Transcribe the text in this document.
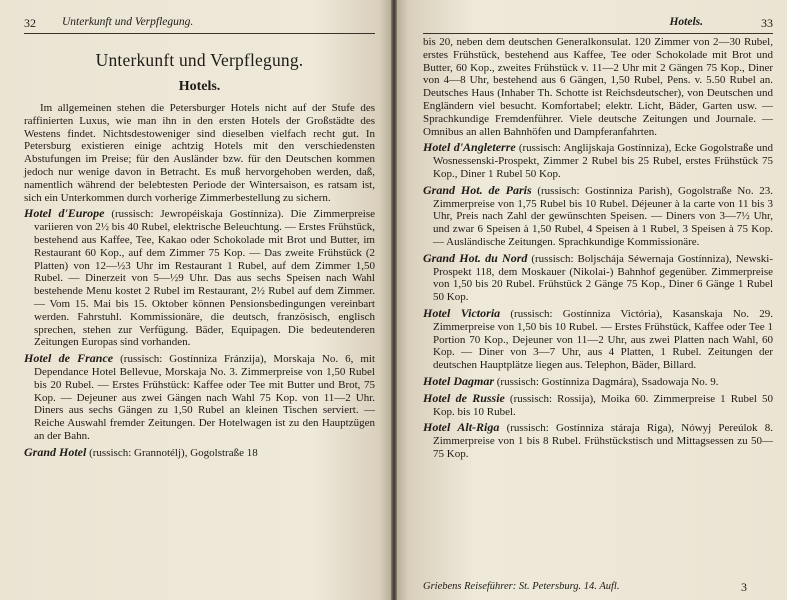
32 Unterkunft und Verpflegung.
Unterkunft und Verpflegung.
Hotels.

Im allgemeinen stehen die Petersburger Hotels nicht auf der Stufe des raffinierten Luxus, wie man ihn in den ersten Hotels der Großstädte des Westens findet. Nichtsdestoweniger sind dieselben vielfach recht gut. In Petersburg existieren einige achtzig Hotels mit den verschiedensten Abstufungen im Preise; für den Ausländer bzw. für den Deutschen kommen jedoch nur wenige davon in Betracht. Es muß hervorgehoben werden, daß, namentlich während der belebtesten Periode der Wintersaison, es ratsam ist, sich ein Unterkommen durch vorherige Zimmerbestellung zu sichern.

Hotel d'Europe (russisch: Jewropéiskaja Gostínniza). Die Zimmerpreise variieren von 2½ bis 40 Rubel, elektrische Beleuchtung. — Erstes Frühstück, bestehend aus Kaffee, Tee, Kakao oder Schokolade mit Brot und Butter, im Restaurant 60 Kop., auf dem Zimmer 75 Kop. — Das zweite Frühstück (2 Platten) von 12—½3 Uhr im Restaurant 1 Rubel, auf dem Zimmer 1,50 Rubel. — Dinerzeit von 5—½9 Uhr. Das aus sechs Speisen nach Wahl bestehende Menu kostet 2 Rubel im Restaurant, 2½ Rubel auf dem Zimmer. — Vom 15. Mai bis 15. Oktober können Pensionsbedingungen vereinbart werden. Fahrstuhl. Kommissionäre, die deutsch, französisch, englisch sprechen, stehen zur Verfügung. Bäder, Equipagen. Die bedeutenderen Zeitungen Europas sind vorhanden.

Hotel de France (russisch: Gostínniza Fránzija), Morskaja No. 6, mit Dependance Hotel Bellevue, Morskaja No. 3. Zimmerpreise von 1,50 Rubel bis 20 Rubel. — Erstes Frühstück: Kaffee oder Tee mit Butter und Brot, 75 Kop. — Dejeuner aus zwei Gängen nach Wahl 75 Kop. von 11—2 Uhr. Diners aus sechs Gängen zu 1,50 Rubel an kleinen Tischen serviert. — Reiche Auswahl fremder Zeitungen. Der Hotelwagen ist zu den Hauptzügen an der Bahn.

Grand Hotel (russisch: Grannotélj), Gogolstraße 18

Hotels.	33

bis 20, neben dem deutschen Generalkonsulat. 120 Zimmer von 2—30 Rubel, erstes Frühstück, bestehend aus Kaffee, Tee oder Schokolade mit Brot und Butter, 60 Kop., zweites Frühstück v. 11—2 Uhr mit 2 Gängen 75 Kop., Diner von 4—8 Uhr, bestehend aus 6 Gängen, 1,50 Rubel, Pens. v. 5.50 Rubel an. Deutsches Haus (Inhaber Th. Schotte ist Reichsdeutscher), von Deutschen und Engländern viel besucht. Komfortabel; elektr. Licht, Bäder, Garten usw. — Sprachkundige Fremdenführer. Viele deutsche Zeitungen und Journale. — Omnibus an allen Bahnhöfen und Dampferanfahrten.

Hotel d'Angleterre (russisch: Anglijskaja Gostínniza), Ecke Gogolstraße und Wosnessenski-Prospekt, Zimmer 2 Rubel bis 25 Rubel, erstes Frühstück 75 Kop., Diner 1 Rubel 50 Kop.

Grand Hot. de Paris (russisch: Gostínniza Parish), Gogolstraße No. 23. Zimmerpreise von 1,75 Rubel bis 10 Rubel. Déjeuner à la carte von 11 bis 3 Uhr, Preis nach Zahl der gewünschten Speisen. — Diners von 3—7½ Uhr, und zwar 6 Speisen à 1,50 Rubel, 4 Speisen à 1 Rubel, 3 Speisen à 75 Kop. — Ausländische Zeitungen. Sprachkundige Kommissionäre.

Grand Hot. du Nord (russisch: Boljschája Séwernaja Gostínniza), Newski-Prospekt 118, dem Moskauer (Nikolai-) Bahnhof gegenüber. Zimmerpreise von 1,50 bis 20 Rubel. Frühstück 2 Gänge 75 Kop., Diner 6 Gänge 1 Rubel 50 Kop.

Hotel Victoria (russisch: Gostínniza Victória), Kasanskaja No. 29. Zimmerpreise von 1,50 bis 10 Rubel. — Erstes Frühstück, Kaffee oder Tee 1 Portion 70 Kop., Dejeuner von 11—2 Uhr, aus zwei Platten nach Wahl, 60 Kop. — Diner von 3—7 Uhr, aus 4 Platten, 1 Rubel. Zeitungen der deutschen Hauptplätze liegen aus. Telephon, Bäder, Billard.

Hotel Dagmar (russisch: Gostínniza Dagmára), Ssadowaja No. 9.

Hotel de Russie (russisch: Rossija), Moika 60. Zimmerpreise 1 Rubel 50 Kop. bis 10 Rubel.

Hotel Alt-Riga (russisch: Gostínniza stáraja Riga), Nówyj Pereúlok 8. Zimmerpreise von 1 bis 8 Rubel. Frühstückstisch und Mittagsessen zu 50—75 Kop.

Griebens Reiseführer: St. Petersburg. 14. Aufl.	3
